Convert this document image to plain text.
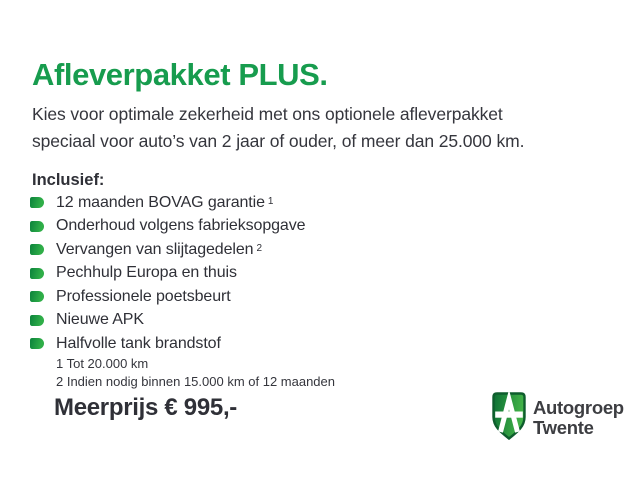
Afleverpakket PLUS.
Kies voor optimale zekerheid met ons optionele afleverpakket
speciaal voor auto’s van 2 jaar of ouder, of meer dan 25.000 km.
Inclusief:
12 maanden BOVAG garantie $^1$
Onderhoud volgens fabrieksopgave
Vervangen van slijtagedelen $^2$
Pechhulp Europa en thuis
Professionele poetsbeurt
Nieuwe APK
Halfvolle tank brandstof
1 Tot 20.000 km
2 Indien nodig binnen 15.000 km of 12 maanden
Meerprijs € 995,-	Autogroep
Twente
